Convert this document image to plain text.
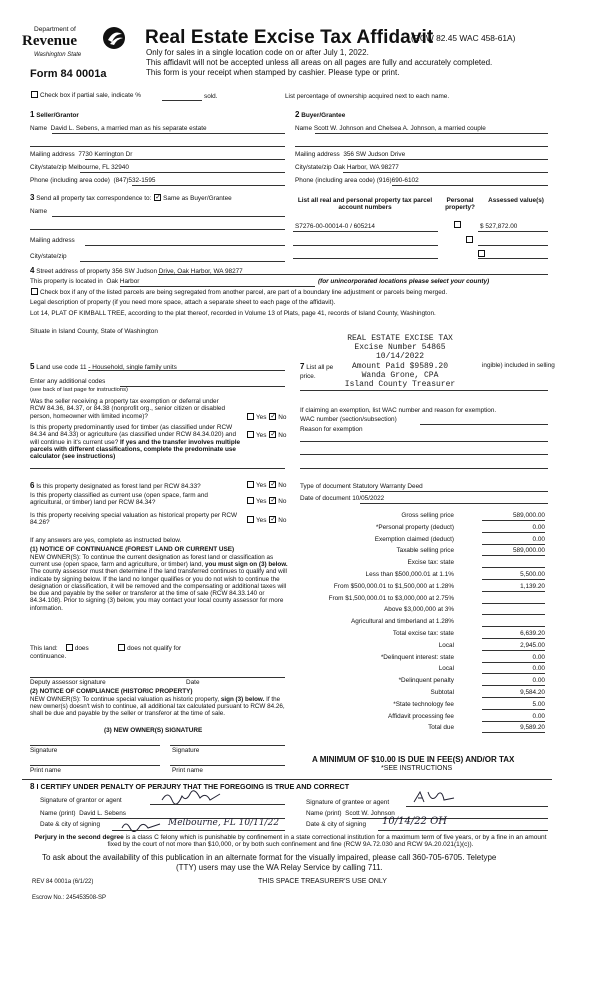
Department of
Revenue
Washington State
Form 84 0001a
Real Estate Excise Tax Affidavit
(RCW 82.45 WAC 458-61A)
Only for sales in a single location code on or after July 1, 2022.
This affidavit will not be accepted unless all areas on all pages are fully and accurately completed.
This form is your receipt when stamped by cashier. Please type or print.
Check box if partial sale, indicate %	sold.	List percentage of ownership acquired next to each name.
1 Seller/Grantor
Name David L. Sebens, a married man as his separate estate
Mailing address 7730 Kerrington Dr
City/state/zip Melbourne, FL 32940
Phone (including area code) (847)532-1595
2 Buyer/Grantee
Name Scott W. Johnson and Chelsea A. Johnson, a married couple
Mailing address 356 SW Judson Drive
City/state/zip Oak Harbor, WA 98277
Phone (including area code) (916)690-6102
3 Send all property tax correspondence to: ✓ Same as Buyer/Grantee
Name
Mailing address
City/state/zip
List all real and personal property tax parcel account numbers
Personal property?
Assessed value(s)
S7276-00-00014-0 / 605214
	$ 527,872.00

4 Street address of property 356 SW Judson Drive, Oak Harbor, WA 98277
This property is located in Oak Harbor	(for unincorporated locations please select your county)
Check box if any of the listed parcels are being segregated from another parcel, are part of a boundary line adjustment or parcels being merged.
Legal description of property (if you need more space, attach a separate sheet to each page of the affidavit).
Lot 14, PLAT OF KIMBALL TREE, according to the plat thereof, recorded in Volume 13 of Plats, page 41, records of Island County, Washington.
Situate in Island County, State of Washington
REAL ESTATE EXCISE TAX
Excise Number 54865
10/14/2022
Amount Paid $9589.20
Wanda Grone, CPA
Island County Treasurer
5 Land use code 11 - Household, single family units
Enter any additional codes
(see back of last page for instructions)
Was the seller receiving a property tax exemption or deferral under RCW 84.36, 84.37, or 84.38 (nonprofit org., senior citizen or disabled person, homeowner with limited income)?	Yes ✓ No
Is this property predominantly used for timber (as classified under RCW 84.34 and 84.33) or agriculture (as classified under RCW 84.34.020) and will continue in it's current use? If yes and the transfer involves multiple parcels with different classifications, complete the predominate use calculator (see instructions)
Yes ✓ No
7 List all pe	ingible) included in selling
price.
If claiming an exemption, list WAC number and reason for exemption.
WAC number (section/subsection)
Reason for exemption
6 Is this property designated as forest land per RCW 84.33?	Yes ✓ No
Is this property classified as current use (open space, farm and agricultural, or timber) land per RCW 84.34?	Yes ✓ No
Is this property receiving special valuation as historical property per RCW 84.26?	Yes ✓ No
If any answers are yes, complete as instructed below.
(1) NOTICE OF CONTINUANCE (FOREST LAND OR CURRENT USE)
NEW OWNER(S): To continue the current designation as forest land or classification as current use (open space, farm and agriculture, or timber) land, you must sign on (3) below. The county assessor must then determine if the land transferred continues to qualify and will indicate by signing below. If the land no longer qualifies or you do not wish to continue the designation or classification, it will be removed and the compensating or additional taxes will be due and payable by the seller or transferor at the time of sale (RCW 84.33.140 or 84.34.108). Prior to signing (3) below, you may contact your local county assessor for more information.
This land:	does	does not qualify for
continuance.
Deputy assessor signature	Date
(2) NOTICE OF COMPLIANCE (HISTORIC PROPERTY)
NEW OWNER(S): To continue special valuation as historic property, sign (3) below. If the new owner(s) doesn't wish to continue, all additional tax calculated pursuant to RCW 84.26, shall be due and payable by the seller or transferor at the time of sale.
(3) NEW OWNER(S) SIGNATURE
Signature	Signature
Print name	Print name
Type of document Statutory Warranty Deed
Date of document 10/05/2022
Gross selling price	589,000.00
*Personal property (deduct)	0.00
Exemption claimed (deduct)	0.00
Taxable selling price	589,000.00
Excise tax: state
Less than $500,000.01 at 1.1%	5,500.00
From $500,000.01 to $1,500,000 at 1.28%	1,139.20
From $1,500,000.01 to $3,000,000 at 2.75%
Above $3,000,000 at 3%
Agricultural and timberland at 1.28%
Total excise tax: state	6,639.20
Local	2,945.00
*Delinquent interest: state	0.00
Local	0.00
*Delinquent penalty	0.00
Subtotal	9,584.20
*State technology fee	5.00
Affidavit processing fee	0.00
Total due	9,589.20
A MINIMUM OF $10.00 IS DUE IN FEE(S) AND/OR TAX
*SEE INSTRUCTIONS
8 I CERTIFY UNDER PENALTY OF PERJURY THAT THE FOREGOING IS TRUE AND CORRECT
Signature of grantor or agent	Signature of grantee or agent
Name (print) David L. Sebens	Name (print) Scott W. Johnson
Date & city of signing	Melbourne, FL 10/11/22	Date & city of signing 10/14/22 OH
Perjury in the second degree is a class C felony which is punishable by confinement in a state correctional institution for a maximum term of five years, or by a fine in an amount fixed by the court of not more than $10,000, or by both such confinement and fine (RCW 9A.72.030 and RCW 9A.20.021(1)(c)).
To ask about the availability of this publication in an alternate format for the visually impaired, please call 360-705-6705. Teletype
(TTY) users may use the WA Relay Service by calling 711.
REV 84 0001a (6/1/22)	THIS SPACE TREASURER'S USE ONLY
Escrow No.: 245453508-SP
